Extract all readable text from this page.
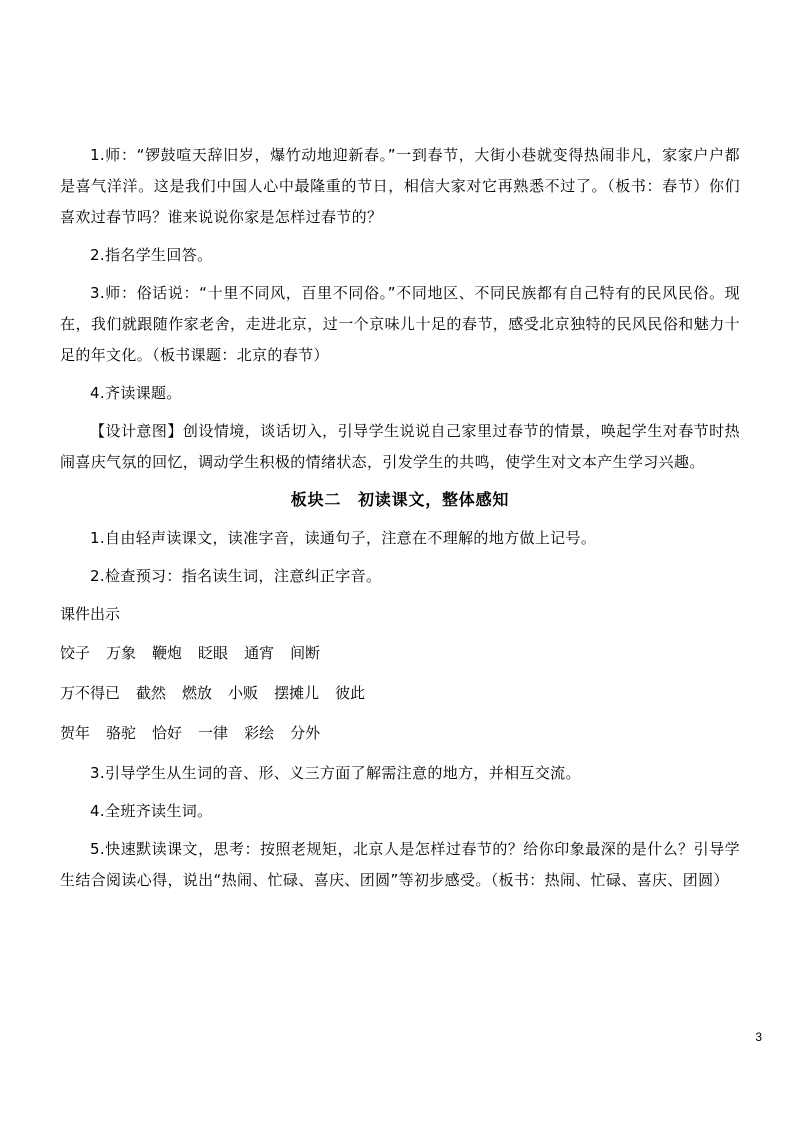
1.师：“锣鼓喧天辞旧岁，爆竹动地迎新春。”一到春节，大街小巷就变得热闹非凡，家家户户都是喜气洋洋。这是我们中国人心中最隆重的节日，相信大家对它再熟悉不过了。（板书：春节）你们喜欢过春节吗？谁来说说你家是怎样过春节的？

2.指名学生回答。

3.师：俗话说：“十里不同风，百里不同俗。”不同地区、不同民族都有自己特有的民风民俗。现在，我们就跟随作家老舍，走进北京，过一个京味儿十足的春节，感受北京独特的民风民俗和魅力十足的年文化。（板书课题：北京的春节）

4.齐读课题。

【设计意图】创设情境，谈话切入，引导学生说说自己家里过春节的情景，唤起学生对春节时热闹喜庆气氛的回忆，调动学生积极的情绪状态，引发学生的共鸣，使学生对文本产生学习兴趣。

板块二　初读课文，整体感知

1.自由轻声读课文，读准字音，读通句子，注意在不理解的地方做上记号。

2.检查预习：指名读生词，注意纠正字音。

课件出示
饺子 万象 鞭炮 眨眼 通宵 间断
万不得已 截然 燃放 小贩 摆摊儿 彼此
贺年 骆驼 恰好 一律 彩绘 分外

3.引导学生从生词的音、形、义三方面了解需注意的地方，并相互交流。

4.全班齐读生词。

5.快速默读课文，思考：按照老规矩，北京人是怎样过春节的？给你印象最深的是什么？引导学生结合阅读心得，说出“热闹、忙碌、喜庆、团圆”等初步感受。（板书：热闹、忙碌、喜庆、团圆）

3
